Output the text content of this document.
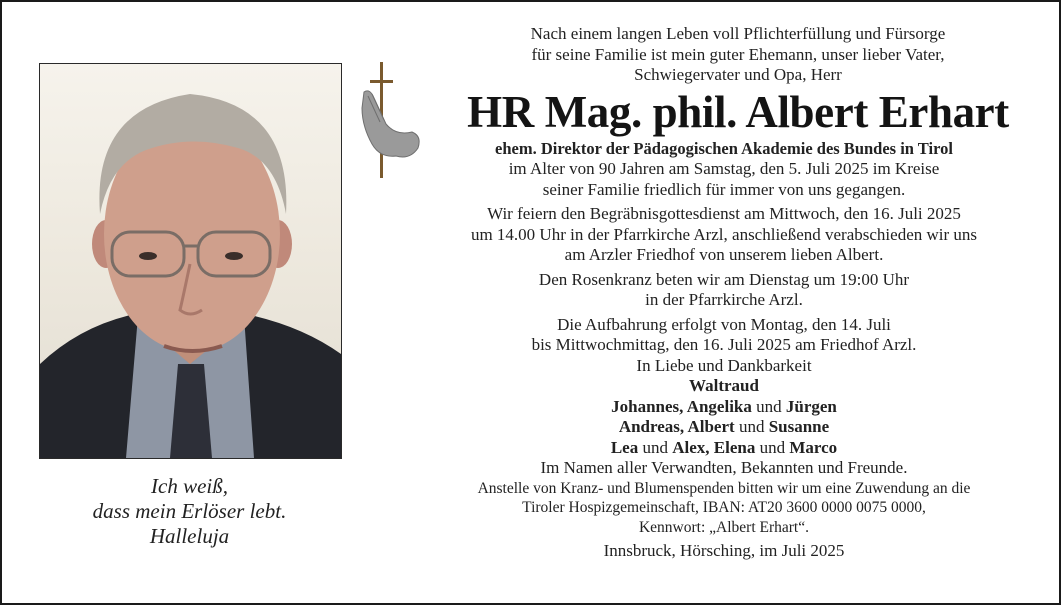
Ich weiß,
dass mein Erlöser lebt.
Halleluja
Nach einem langen Leben voll Pflichterfüllung und Fürsorge
für seine Familie ist mein guter Ehemann, unser lieber Vater,
Schwiegervater und Opa, Herr
HR Mag. phil. Albert Erhart
ehem. Direktor der Pädagogischen Akademie des Bundes in Tirol
im Alter von 90 Jahren am Samstag, den 5. Juli 2025 im Kreise
seiner Familie friedlich für immer von uns gegangen.
Wir feiern den Begräbnisgottesdienst am Mittwoch, den 16. Juli 2025
um 14.00 Uhr in der Pfarrkirche Arzl, anschließend verabschieden wir uns
am Arzler Friedhof von unserem lieben Albert.
Den Rosenkranz beten wir am Dienstag um 19:00 Uhr
in der Pfarrkirche Arzl.
Die Aufbahrung erfolgt von Montag, den 14. Juli
bis Mittwochmittag, den 16. Juli 2025 am Friedhof Arzl.
In Liebe und Dankbarkeit
Waltraud
Johannes, Angelika und Jürgen
Andreas, Albert und Susanne
Lea und Alex, Elena und Marco
Im Namen aller Verwandten, Bekannten und Freunde.
Anstelle von Kranz- und Blumenspenden bitten wir um eine Zuwendung an die
Tiroler Hospizgemeinschaft, IBAN: AT20 3600 0000 0075 0000,
Kennwort: „Albert Erhart“.
Innsbruck, Hörsching, im Juli 2025
